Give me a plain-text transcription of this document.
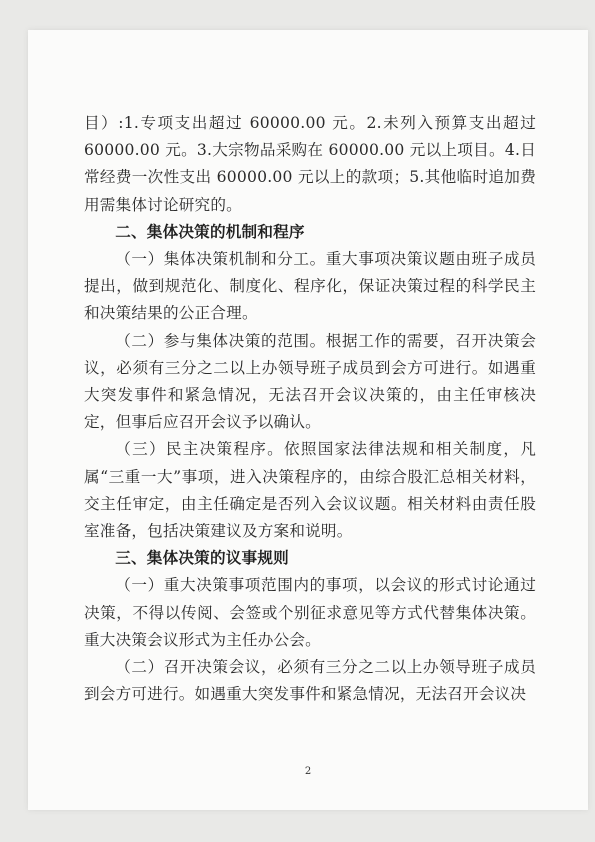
目）:1.专项支出超过 60000.00 元。2.未列入预算支出超过 60000.00 元。3.大宗物品采购在 60000.00 元以上项目。4.日常经费一次性支出 60000.00 元以上的款项；5.其他临时追加费用需集体讨论研究的。

二、集体决策的机制和程序

（一）集体决策机制和分工。重大事项决策议题由班子成员提出，做到规范化、制度化、程序化，保证决策过程的科学民主和决策结果的公正合理。

（二）参与集体决策的范围。根据工作的需要，召开决策会议，必须有三分之二以上办领导班子成员到会方可进行。如遇重大突发事件和紧急情况，无法召开会议决策的，由主任审核决定，但事后应召开会议予以确认。

（三）民主决策程序。依照国家法律法规和相关制度，凡属“三重一大”事项，进入决策程序的，由综合股汇总相关材料，交主任审定，由主任确定是否列入会议议题。相关材料由责任股室准备，包括决策建议及方案和说明。

三、集体决策的议事规则

（一）重大决策事项范围内的事项，以会议的形式讨论通过决策，不得以传阅、会签或个别征求意见等方式代替集体决策。重大决策会议形式为主任办公会。

（二）召开决策会议，必须有三分之二以上办领导班子成员到会方可进行。如遇重大突发事件和紧急情况，无法召开会议决

2
